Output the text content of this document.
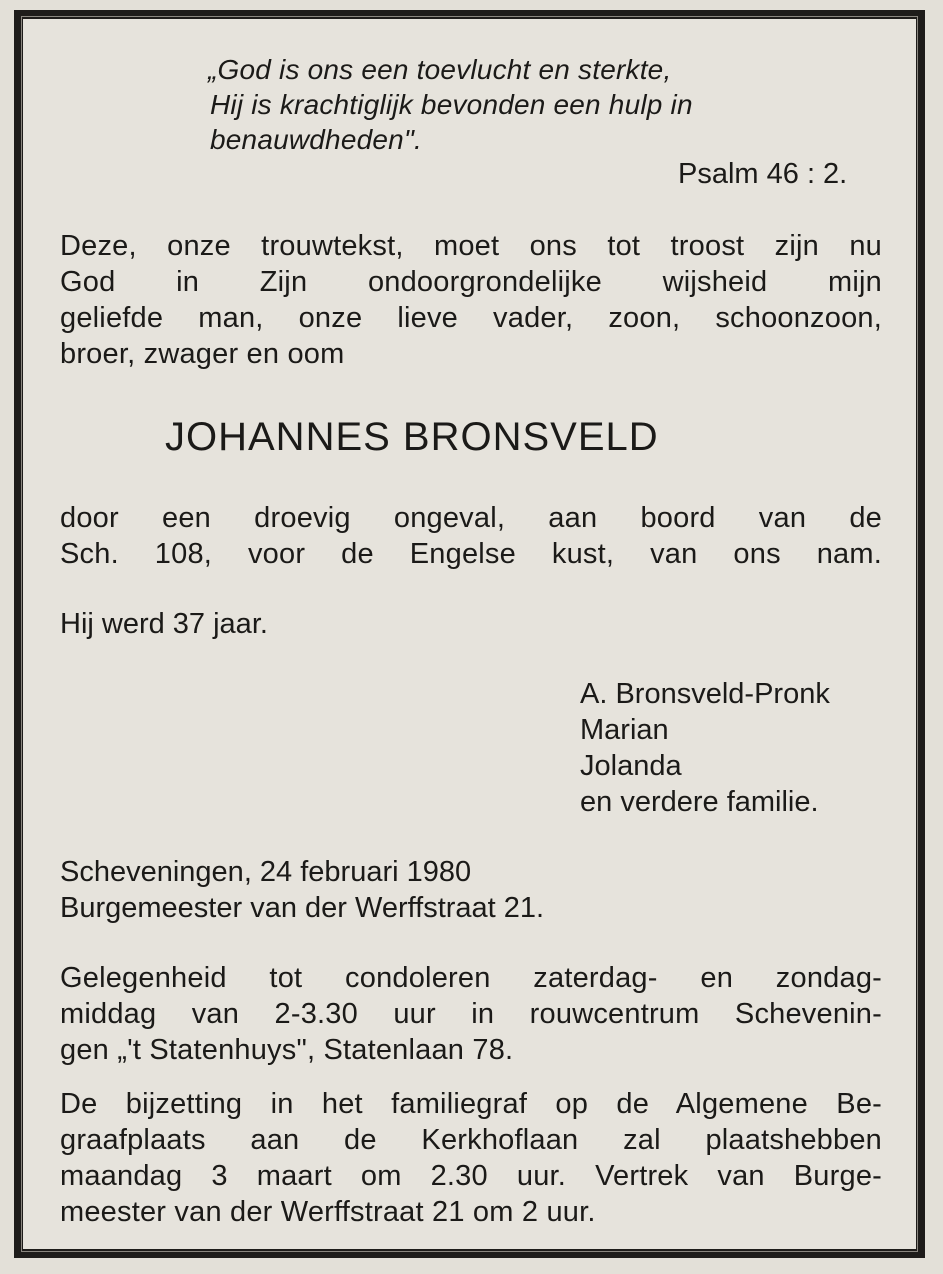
„God is ons een toevlucht en sterkte,
Hij is krachtiglijk bevonden een hulp in
benauwdheden".
Psalm 46 : 2.
Deze, onze trouwtekst, moet ons tot troost zijn nu
God in Zijn ondoorgrondelijke wijsheid mijn
geliefde man, onze lieve vader, zoon, schoonzoon,
broer, zwager en oom
JOHANNES BRONSVELD
door een droevig ongeval, aan boord van de
Sch. 108, voor de Engelse kust, van ons nam.
Hij werd 37 jaar.
A. Bronsveld-Pronk
Marian
Jolanda
en verdere familie.
Scheveningen, 24 februari 1980
Burgemeester van der Werffstraat 21.
Gelegenheid tot condoleren zaterdag- en zondag-
middag van 2-3.30 uur in rouwcentrum Schevenin-
gen „'t Statenhuys", Statenlaan 78.
De bijzetting in het familiegraf op de Algemene Be-
graafplaats aan de Kerkhoflaan zal plaatshebben
maandag 3 maart om 2.30 uur. Vertrek van Burge-
meester van der Werffstraat 21 om 2 uur.
